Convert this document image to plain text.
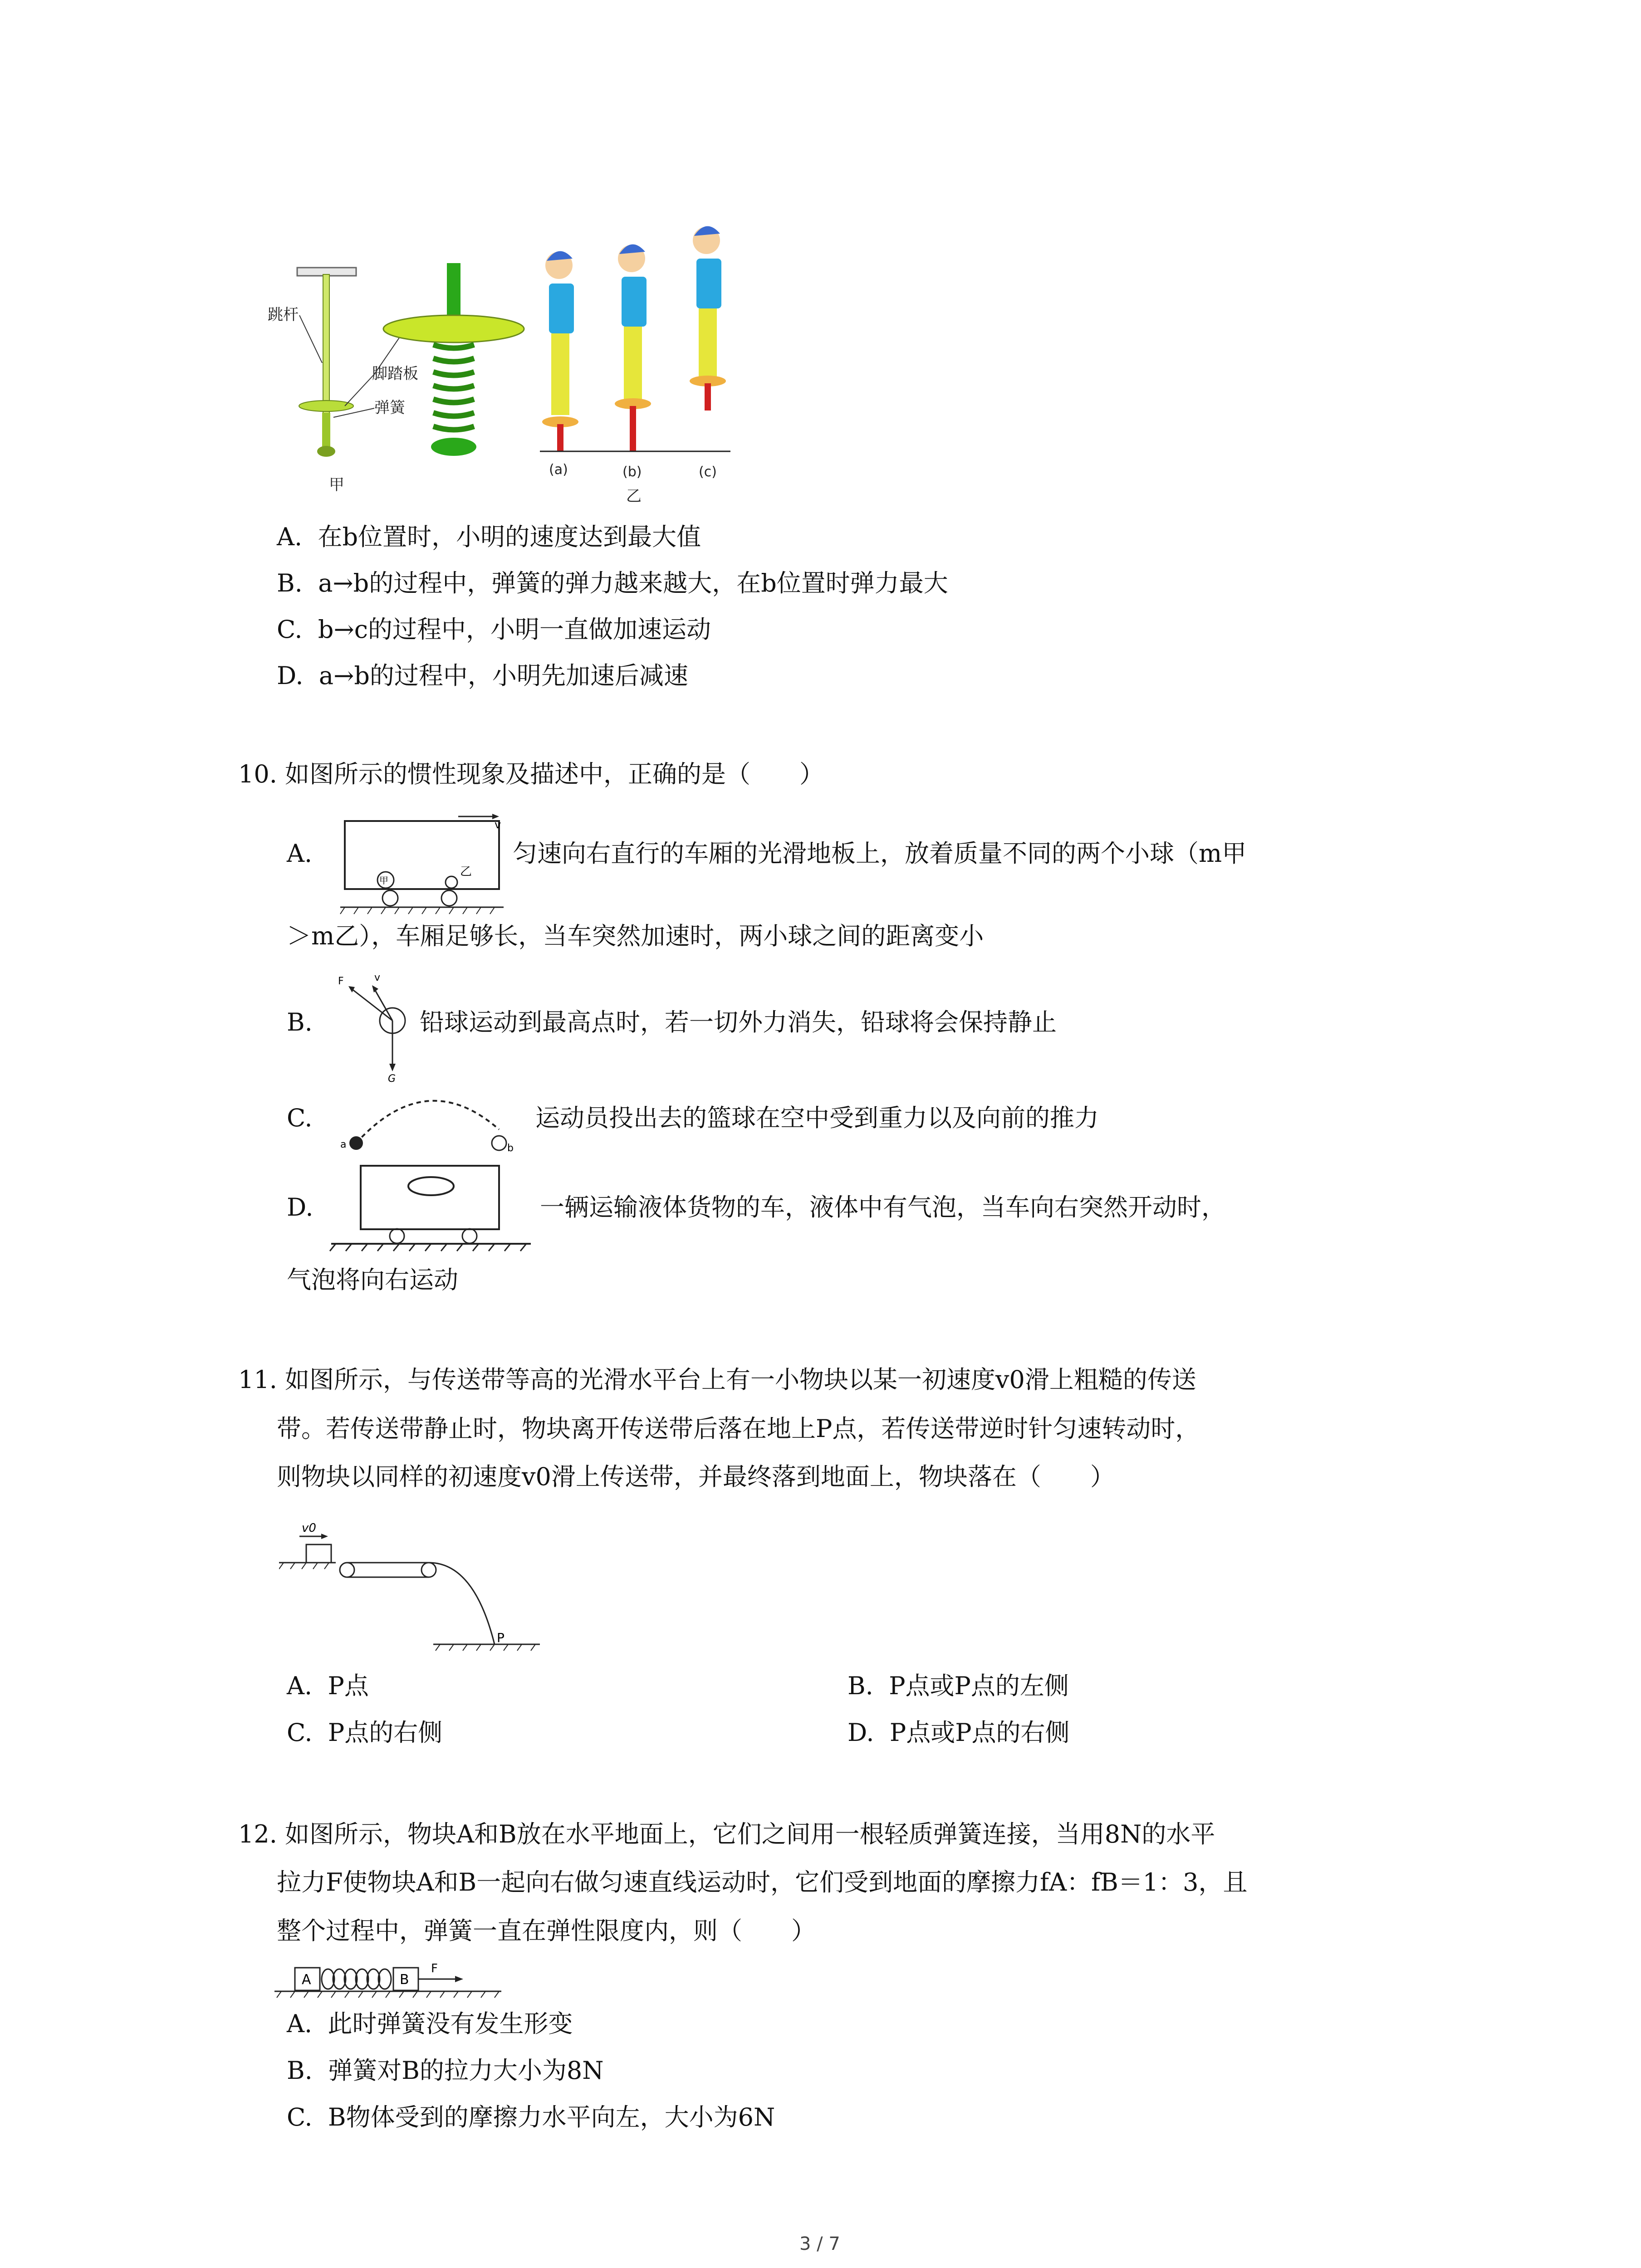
跳杆
脚踏板
弹簧
甲
(a)	(b)	(c)
乙
A. 在b位置时，小明的速度达到最大值
B. a→b的过程中，弹簧的弹力越来越大，在b位置时弹力最大
C. b→c的过程中，小明一直做加速运动
D. a→b的过程中，小明先加速后减速
10. 如图所示的惯性现象及描述中，正确的是（　　）
A.
v
甲
乙
匀速向右直行的车厢的光滑地板上，放着质量不同的两个小球（m甲
＞m乙），车厢足够长，当车突然加速时，两小球之间的距离变小
B.
F	v
G
铅球运动到最高点时，若一切外力消失，铅球将会保持静止
C.
a	b
运动员投出去的篮球在空中受到重力以及向前的推力
D.	一辆运输液体货物的车，液体中有气泡，当车向右突然开动时，
气泡将向右运动
11. 如图所示，与传送带等高的光滑水平台上有一小物块以某一初速度v0滑上粗糙的传送
带。若传送带静止时，物块离开传送带后落在地上P点，若传送带逆时针匀速转动时，
则物块以同样的初速度v0滑上传送带，并最终落到地面上，物块落在（　　）
v0
P
A. P点	B. P点或P点的左侧
C. P点的右侧	D. P点或P点的右侧
12. 如图所示，物块A和B放在水平地面上，它们之间用一根轻质弹簧连接，当用8N的水平
拉力F使物块A和B一起向右做匀速直线运动时，它们受到地面的摩擦力fA：fB＝1：3，且
整个过程中，弹簧一直在弹性限度内，则（　　）
A	B
F
A. 此时弹簧没有发生形变
B. 弹簧对B的拉力大小为8N
C. B物体受到的摩擦力水平向左，大小为6N
3 / 7
